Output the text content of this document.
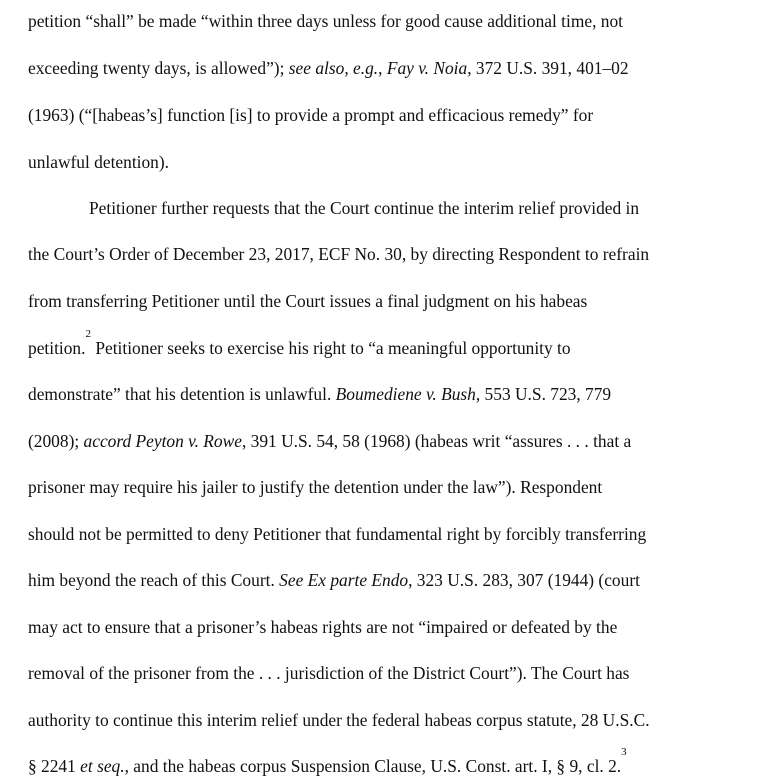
petition “shall” be made “within three days unless for good cause additional time, not
exceeding twenty days, is allowed”); see also, e.g., Fay v. Noia, 372 U.S. 391, 401–02
(1963) (“[habeas’s] function [is] to provide a prompt and efficacious remedy” for
unlawful detention).
Petitioner further requests that the Court continue the interim relief provided in
the Court’s Order of December 23, 2017, ECF No. 30, by directing Respondent to refrain
from transferring Petitioner until the Court issues a final judgment on his habeas
petition.$^2$ Petitioner seeks to exercise his right to “a meaningful opportunity to
demonstrate” that his detention is unlawful. Boumediene v. Bush, 553 U.S. 723, 779
(2008); accord Peyton v. Rowe, 391 U.S. 54, 58 (1968) (habeas writ “assures . . . that a
prisoner may require his jailer to justify the detention under the law”). Respondent
should not be permitted to deny Petitioner that fundamental right by forcibly transferring
him beyond the reach of this Court. See Ex parte Endo, 323 U.S. 283, 307 (1944) (court
may act to ensure that a prisoner’s habeas rights are not “impaired or defeated by the
removal of the prisoner from the . . . jurisdiction of the District Court”). The Court has
authority to continue this interim relief under the federal habeas corpus statute, 28 U.S.C.
§ 2241 et seq., and the habeas corpus Suspension Clause, U.S. Const. art. I, § 9, cl. 2.$^3$
